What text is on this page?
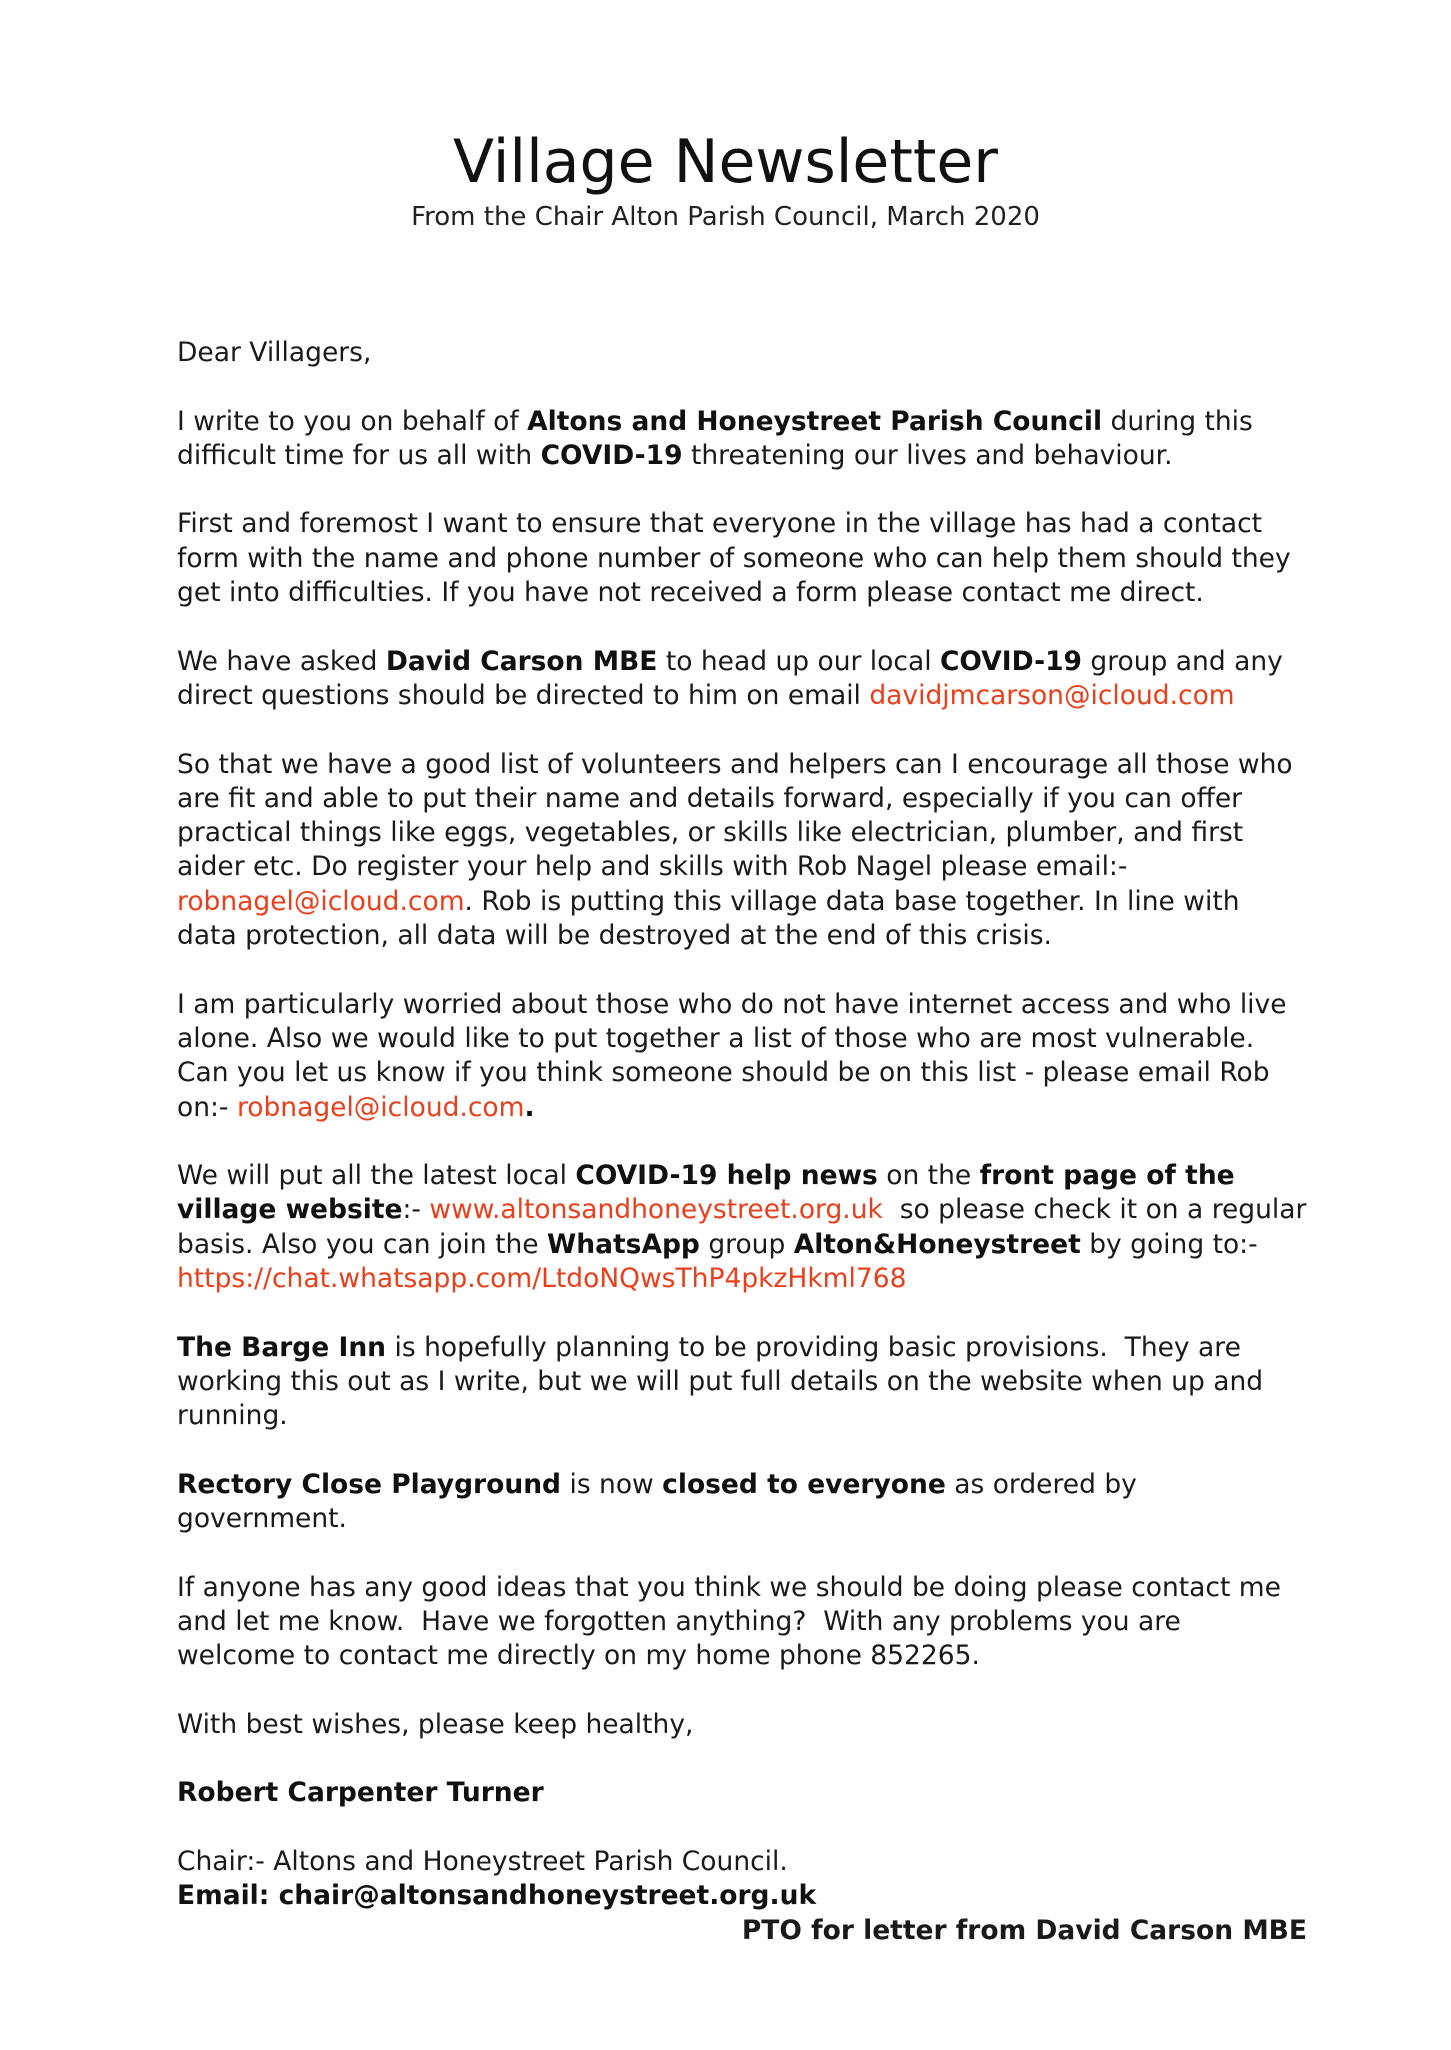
Village Newsletter
From the Chair Alton Parish Council, March 2020

Dear Villagers,

I write to you on behalf of Altons and Honeystreet Parish Council during this difficult time for us all with COVID-19 threatening our lives and behaviour.

First and foremost I want to ensure that everyone in the village has had a contact form with the name and phone number of someone who can help them should they get into difficulties. If you have not received a form please contact me direct.

We have asked David Carson MBE to head up our local COVID-19 group and any direct questions should be directed to him on email davidjmcarson@icloud.com

So that we have a good list of volunteers and helpers can I encourage all those who are fit and able to put their name and details forward, especially if you can offer practical things like eggs, vegetables, or skills like electrician, plumber, and first aider etc. Do register your help and skills with Rob Nagel please email:- robnagel@icloud.com. Rob is putting this village data base together. In line with data protection, all data will be destroyed at the end of this crisis.

I am particularly worried about those who do not have internet access and who live alone. Also we would like to put together a list of those who are most vulnerable. Can you let us know if you think someone should be on this list - please email Rob on:- robnagel@icloud.com.

We will put all the latest local COVID-19 help news on the front page of the village website:- www.altonsandhoneystreet.org.uk  so please check it on a regular basis. Also you can join the WhatsApp group Alton&Honeystreet by going to:- https://chat.whatsapp.com/LtdoNQwsThP4pkzHkml768

The Barge Inn is hopefully planning to be providing basic provisions.  They are working this out as I write, but we will put full details on the website when up and running.

Rectory Close Playground is now closed to everyone as ordered by government.

If anyone has any good ideas that you think we should be doing please contact me and let me know.  Have we forgotten anything?  With any problems you are welcome to contact me directly on my home phone 852265.

With best wishes, please keep healthy,

Robert Carpenter Turner

Chair:- Altons and Honeystreet Parish Council.

Email: chair@altonsandhoneystreet.org.uk

PTO for letter from David Carson MBE
